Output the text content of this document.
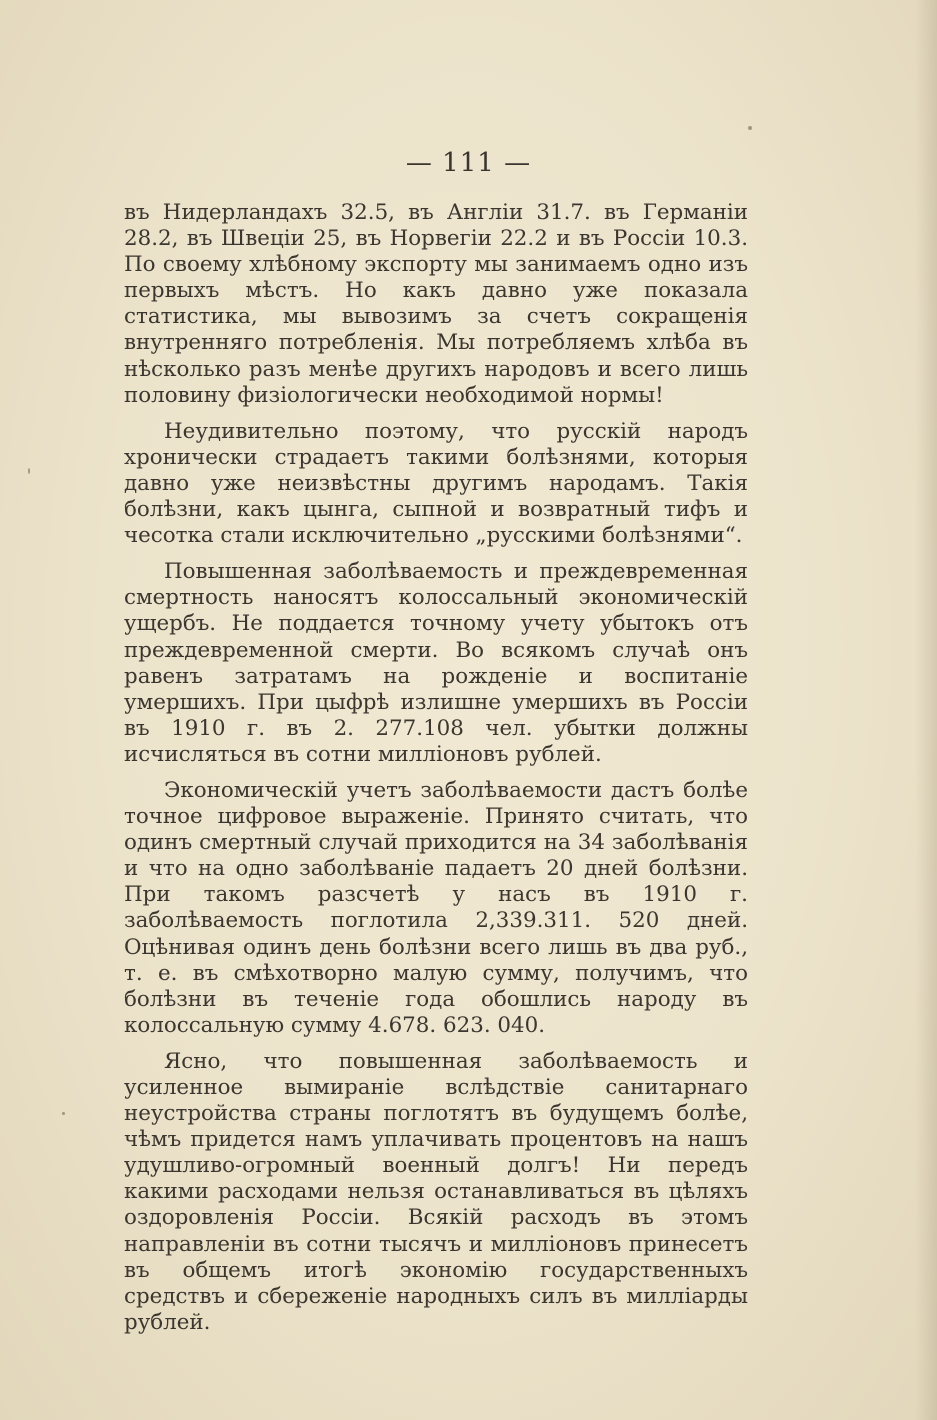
— 111 —

въ Нидерландахъ 32.5, въ Англіи 31.7. въ Германіи 28.2, въ Швеціи 25, въ Норвегіи 22.2 и въ Россіи 10.3. По своему хлѣбному экспорту мы занимаемъ одно изъ первыхъ мѣстъ. Но какъ давно уже показала статистика, мы вывозимъ за счетъ сокращенія внутренняго потребленія. Мы потребляемъ хлѣба въ нѣсколько разъ менѣе другихъ народовъ и всего лишь половину физіологически необходимой нормы!

Неудивительно поэтому, что русскій народъ хронически страдаетъ такими болѣзнями, которыя давно уже неизвѣстны другимъ народамъ. Такія болѣзни, какъ цынга, сыпной и возвратный тифъ и чесотка стали исключительно „русскими болѣзнями“.

Повышенная заболѣваемость и преждевременная смертность наносятъ колоссальный экономическій ущербъ. Не поддается точному учету убытокъ отъ преждевременной смерти. Во всякомъ случаѣ онъ равенъ затратамъ на рожденіе и воспитаніе умершихъ. При цыфрѣ излишне умершихъ въ Россіи въ 1910 г. въ 2. 277.108 чел. убытки должны исчисляться въ сотни милліоновъ рублей.

Экономическій учетъ заболѣваемости дастъ болѣе точное цифровое выраженіе. Принято считать, что одинъ смертный случай приходится на 34 заболѣванія и что на одно заболѣваніе падаетъ 20 дней болѣзни. При такомъ разсчетѣ у насъ въ 1910 г. заболѣваемость поглотила 2,339.311. 520 дней. Оцѣнивая одинъ день болѣзни всего лишь въ два руб., т. е. въ смѣхотворно малую сумму, получимъ, что болѣзни въ теченіе года обошлись народу въ колоссальную сумму 4.678. 623. 040.

Ясно, что повышенная заболѣваемость и усиленное вымираніе вслѣдствіе санитарнаго неустройства страны поглотятъ въ будущемъ болѣе, чѣмъ придется намъ уплачивать процентовъ на нашъ удушливо-огромный военный долгъ! Ни передъ какими расходами нельзя останавливаться въ цѣляхъ оздоровленія Россіи. Всякій расходъ въ этомъ направленіи въ сотни тысячъ и милліоновъ принесетъ въ общемъ итогѣ экономію государственныхъ средствъ и сбереженіе народныхъ силъ въ милліарды рублей.
